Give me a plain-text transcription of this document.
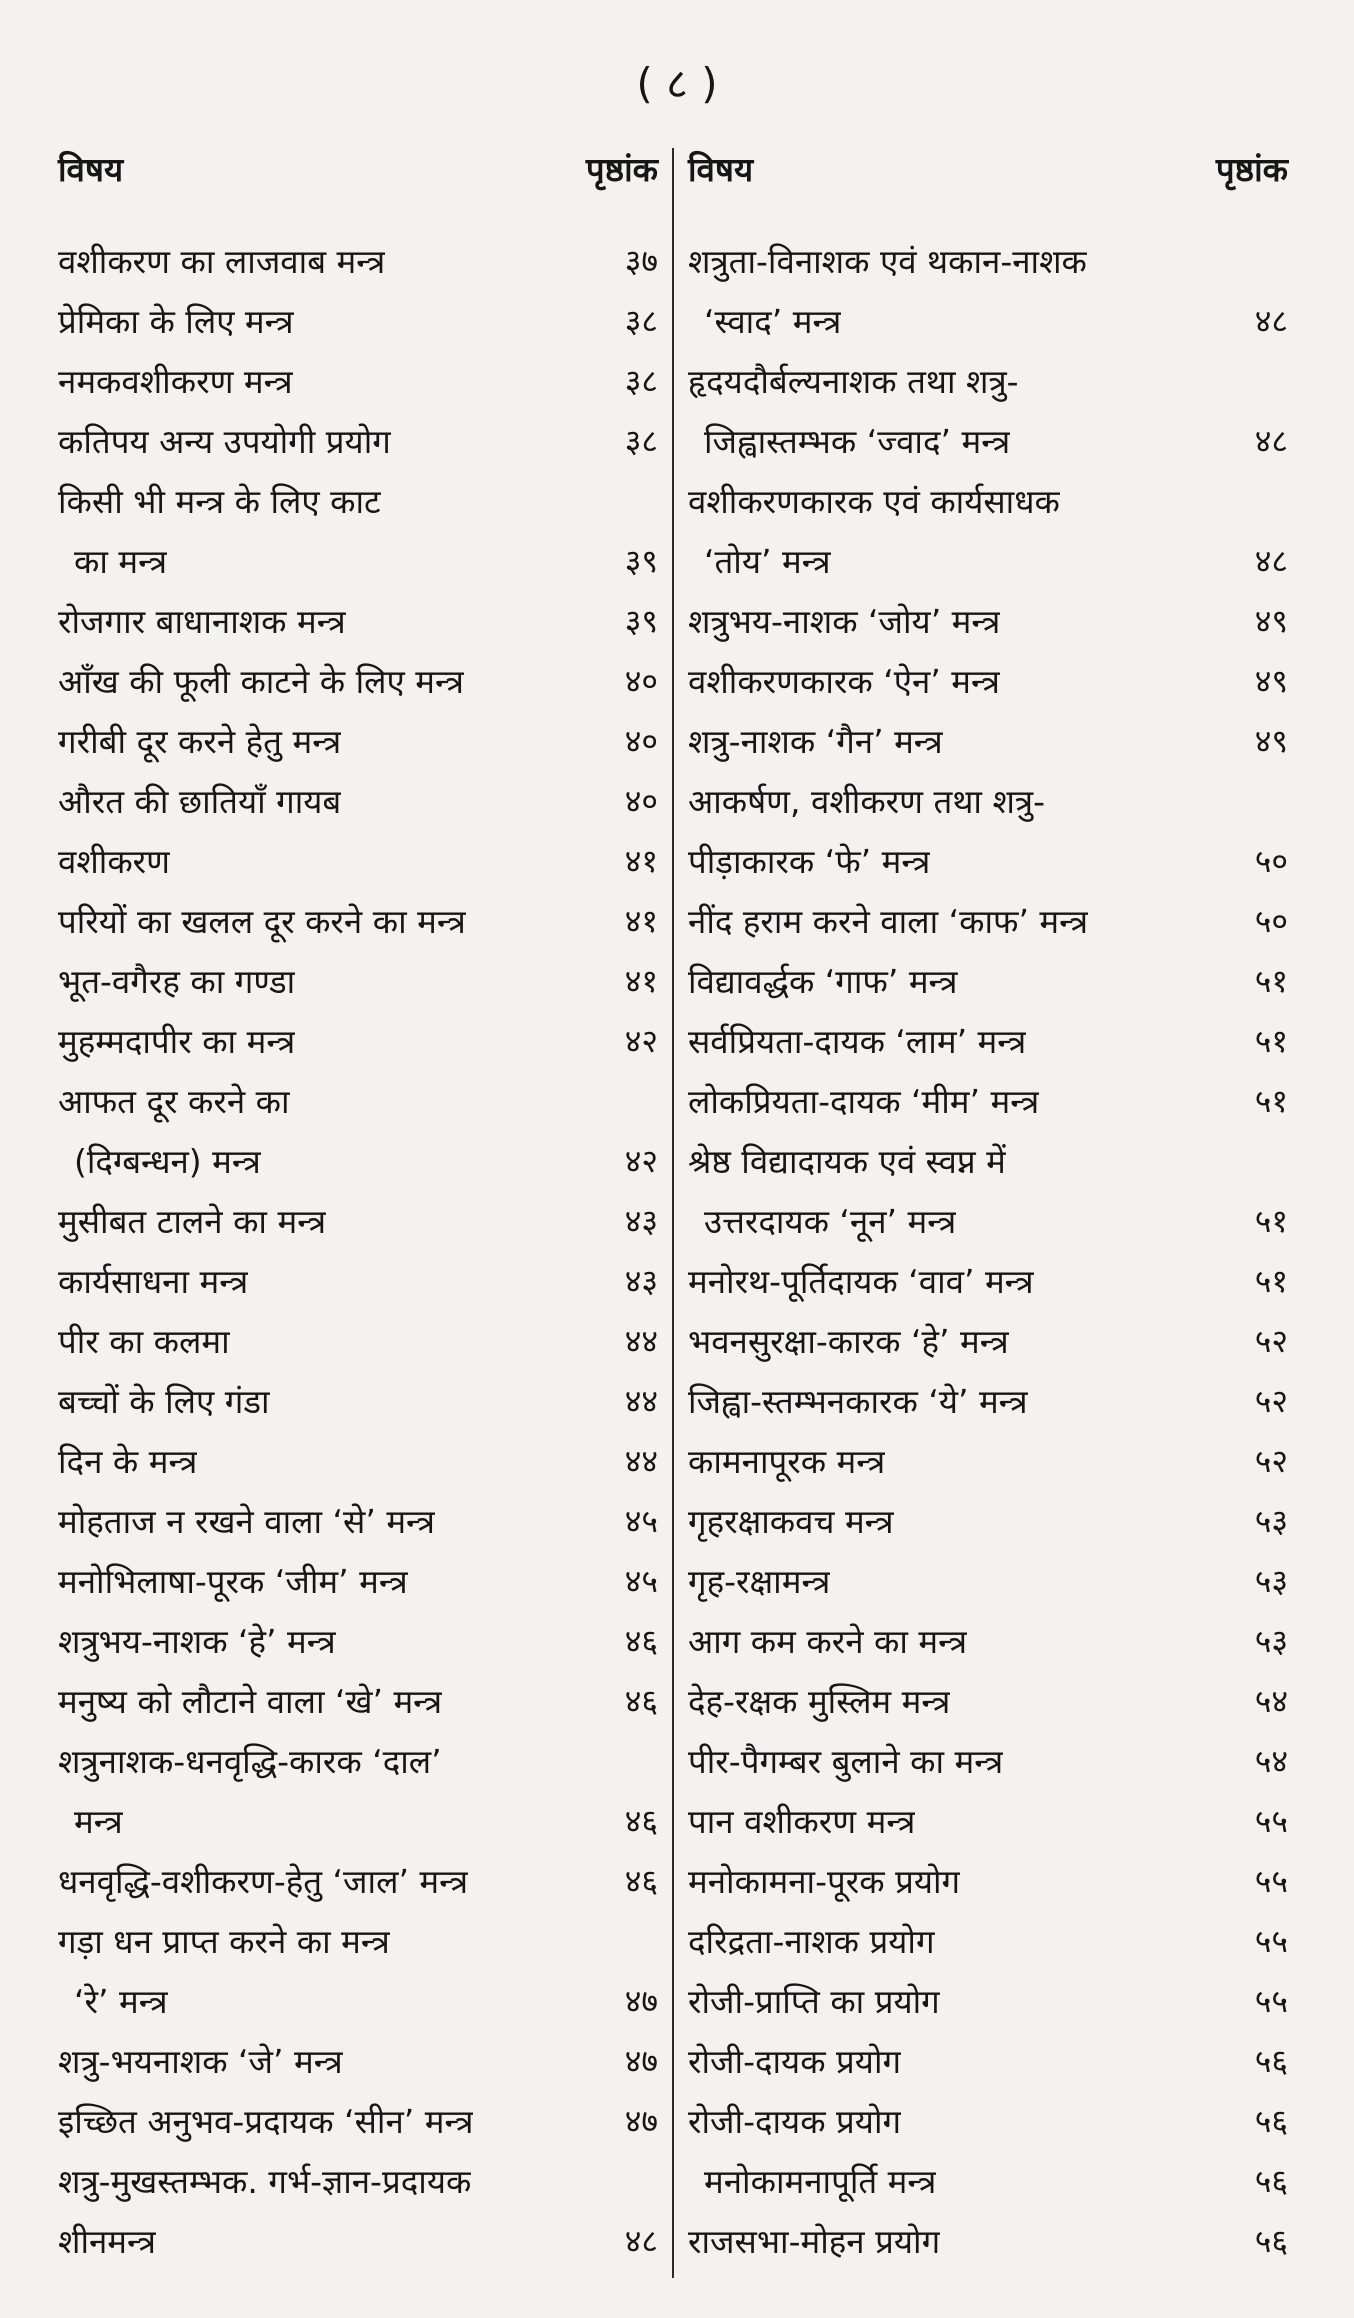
( ८ )
विषय	पृष्ठांक
वशीकरण का लाजवाब मन्त्र	३७
प्रेमिका के लिए मन्त्र	३८
नमकवशीकरण मन्त्र	३८
कतिपय अन्य उपयोगी प्रयोग	३८
किसी भी मन्त्र के लिए काट
का मन्त्र	३९
रोजगार बाधानाशक मन्त्र	३९
आँख की फूली काटने के लिए मन्त्र	४०
गरीबी दूर करने हेतु मन्त्र	४०
औरत की छातियाँ गायब	४०
वशीकरण	४१
परियों का खलल दूर करने का मन्त्र	४१
भूत-वगैरह का गण्डा	४१
मुहम्मदापीर का मन्त्र	४२
आफत दूर करने का
(दिग्बन्धन) मन्त्र	४२
मुसीबत टालने का मन्त्र	४३
कार्यसाधना मन्त्र	४३
पीर का कलमा	४४
बच्चों के लिए गंडा	४४
दिन के मन्त्र	४४
मोहताज न रखने वाला ‘से’ मन्त्र	४५
मनोभिलाषा-पूरक ‘जीम’ मन्त्र	४५
शत्रुभय-नाशक ‘हे’ मन्त्र	४६
मनुष्य को लौटाने वाला ‘खे’ मन्त्र	४६
शत्रुनाशक-धनवृद्धि-कारक ‘दाल’
मन्त्र	४६
धनवृद्धि-वशीकरण-हेतु ‘जाल’ मन्त्र	४६
गड़ा धन प्राप्त करने का मन्त्र
‘रे’ मन्त्र	४७
शत्रु-भयनाशक ‘जे’ मन्त्र	४७
इच्छित अनुभव-प्रदायक ‘सीन’ मन्त्र	४७
शत्रु-मुखस्तम्भक. गर्भ-ज्ञान-प्रदायक
शीनमन्त्र	४८
विषय	पृष्ठांक
शत्रुता-विनाशक एवं थकान-नाशक
‘स्वाद’ मन्त्र	४८
हृदयदौर्बल्यनाशक तथा शत्रु-
जिह्वास्तम्भक ‘ज्वाद’ मन्त्र	४८
वशीकरणकारक एवं कार्यसाधक
‘तोय’ मन्त्र	४८
शत्रुभय-नाशक ‘जोय’ मन्त्र	४९
वशीकरणकारक ‘ऐन’ मन्त्र	४९
शत्रु-नाशक ‘गैन’ मन्त्र	४९
आकर्षण, वशीकरण तथा शत्रु-
पीड़ाकारक ‘फे’ मन्त्र	५०
नींद हराम करने वाला ‘काफ’ मन्त्र	५०
विद्यावर्द्धक ‘गाफ’ मन्त्र	५१
सर्वप्रियता-दायक ‘लाम’ मन्त्र	५१
लोकप्रियता-दायक ‘मीम’ मन्त्र	५१
श्रेष्ठ विद्यादायक एवं स्वप्न में
उत्तरदायक ‘नून’ मन्त्र	५१
मनोरथ-पूर्तिदायक ‘वाव’ मन्त्र	५१
भवनसुरक्षा-कारक ‘हे’ मन्त्र	५२
जिह्वा-स्तम्भनकारक ‘ये’ मन्त्र	५२
कामनापूरक मन्त्र	५२
गृहरक्षाकवच मन्त्र	५३
गृह-रक्षामन्त्र	५३
आग कम करने का मन्त्र	५३
देह-रक्षक मुस्लिम मन्त्र	५४
पीर-पैगम्बर बुलाने का मन्त्र	५४
पान वशीकरण मन्त्र	५५
मनोकामना-पूरक प्रयोग	५५
दरिद्रता-नाशक प्रयोग	५५
रोजी-प्राप्ति का प्रयोग	५५
रोजी-दायक प्रयोग	५६
रोजी-दायक प्रयोग	५६
मनोकामनापूर्ति मन्त्र	५६
राजसभा-मोहन प्रयोग	५६
